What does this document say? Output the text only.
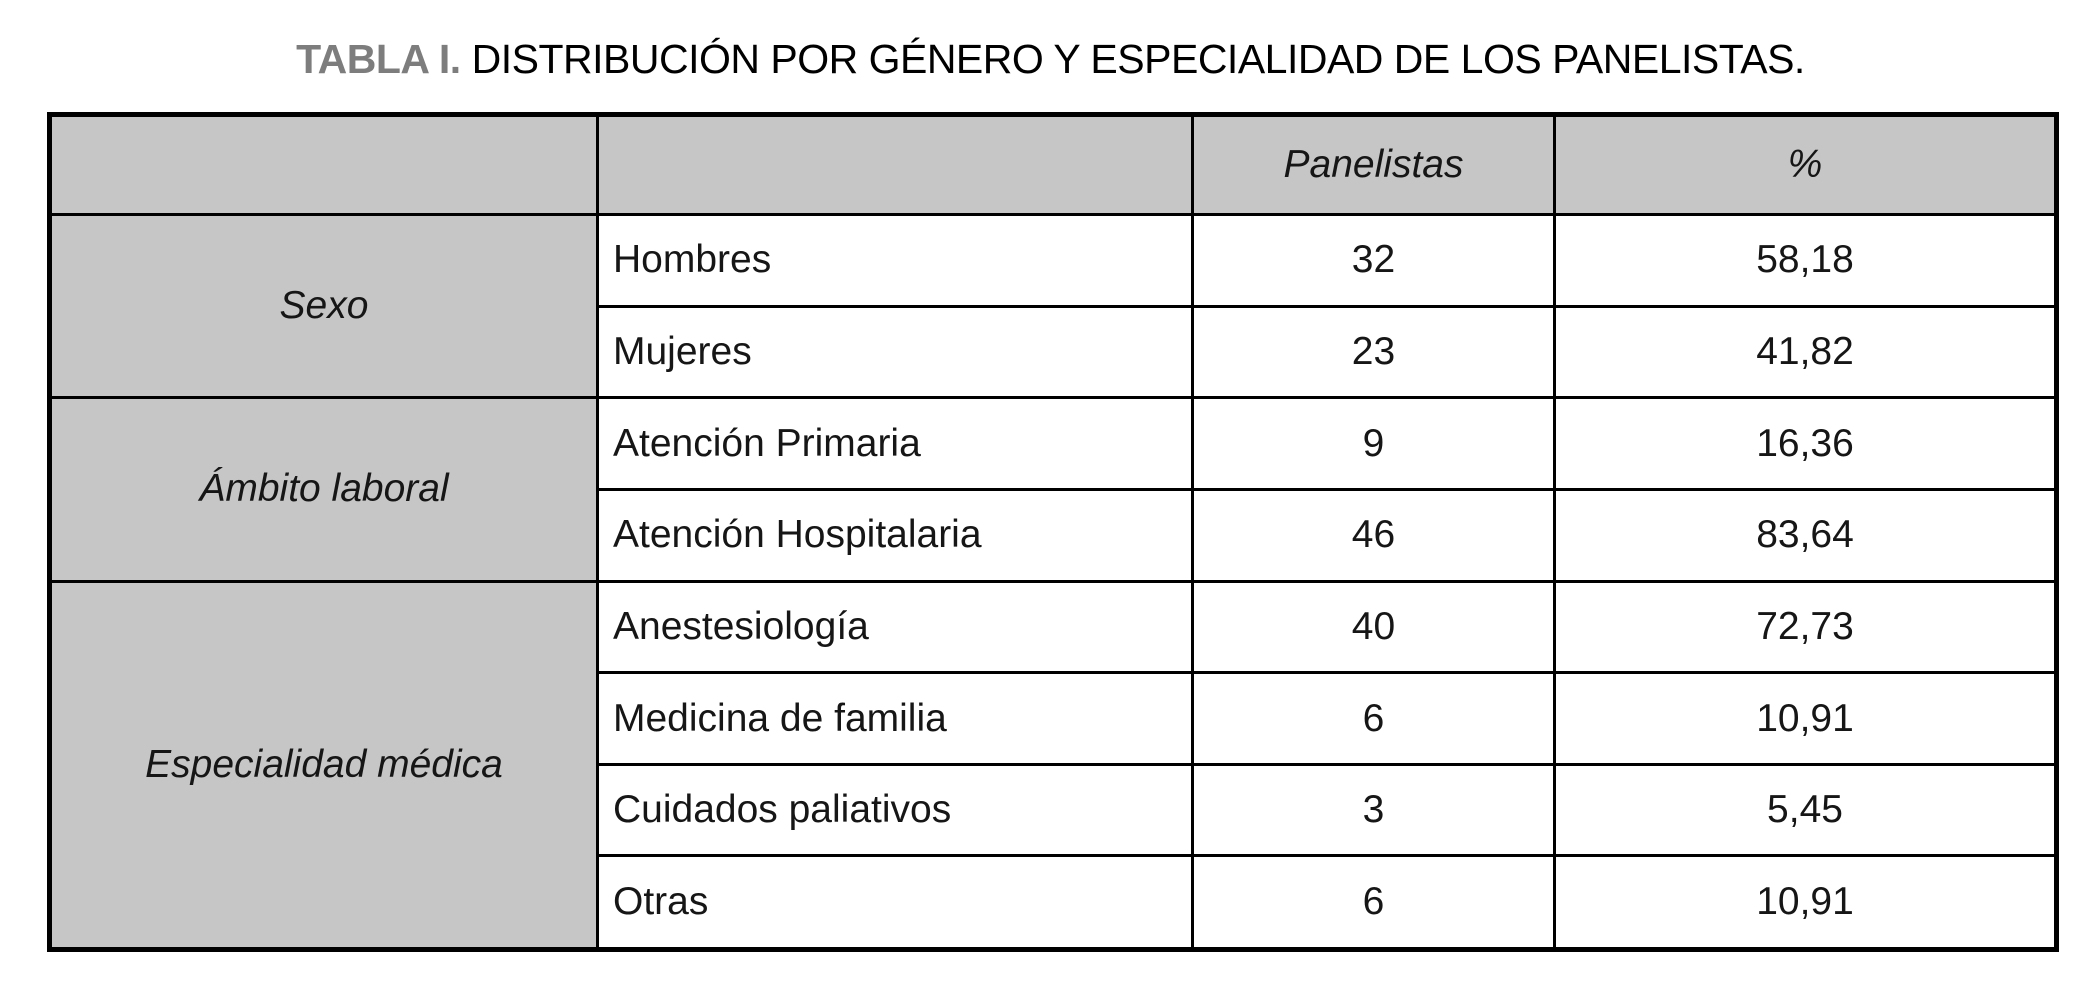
TABLA I. DISTRIBUCIÓN POR GÉNERO Y ESPECIALIDAD DE LOS PANELISTAS.
		Panelistas	%
Sexo	Hombres	32	58,18
	Mujeres	23	41,82
Ámbito laboral	Atención Primaria	9	16,36
	Atención Hospitalaria	46	83,64
Especialidad médica	Anestesiología	40	72,73
	Medicina de familia	6	10,91
	Cuidados paliativos	3	5,45
	Otras	6	10,91
